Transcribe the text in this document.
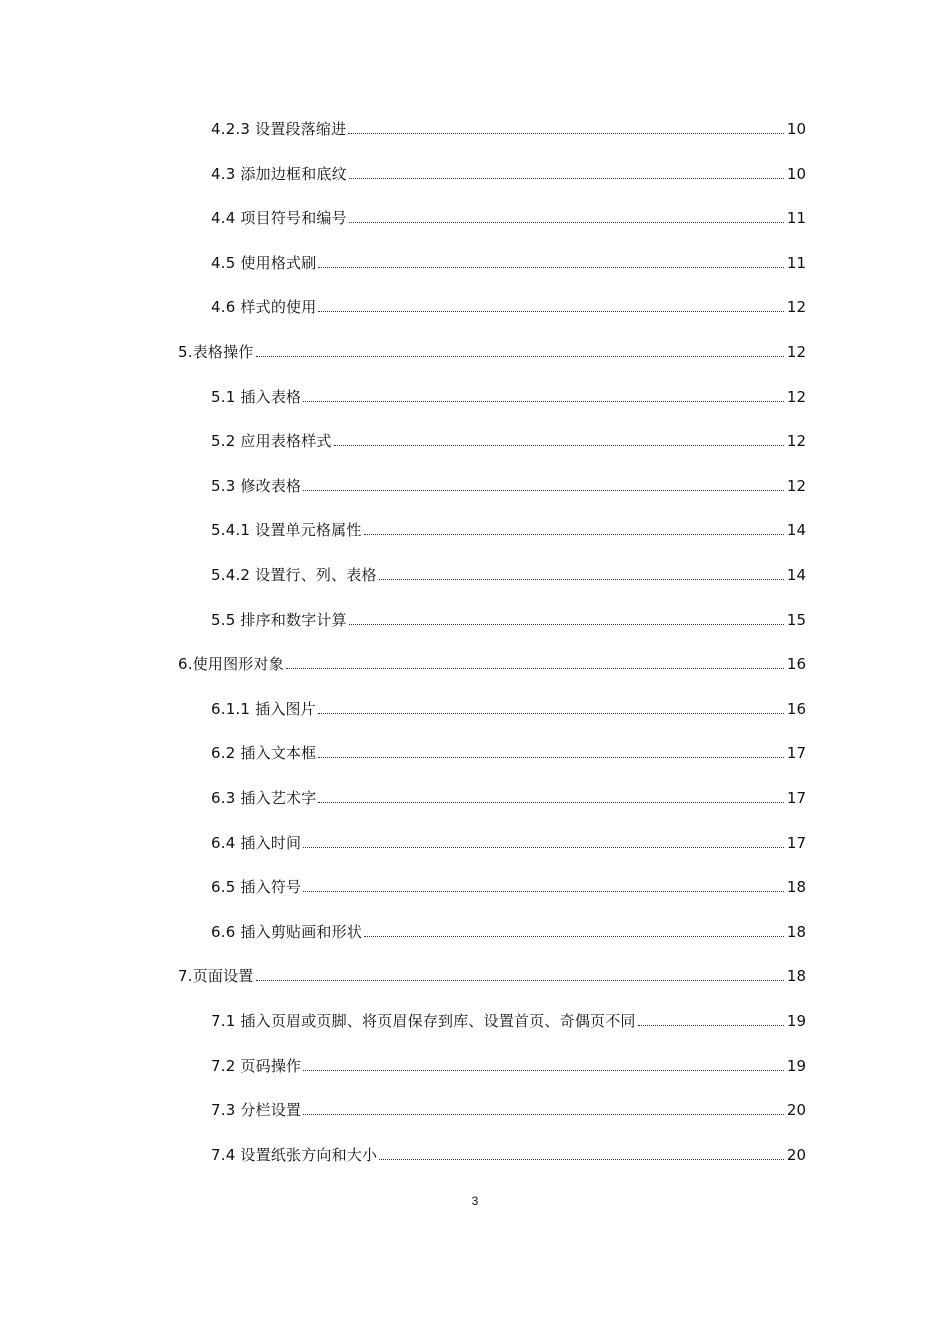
4.2.3 设置段落缩进	10
4.3 添加边框和底纹	10
4.4 项目符号和编号	11
4.5 使用格式刷	11
4.6 样式的使用	12
5.表格操作	12
5.1 插入表格	12
5.2 应用表格样式	12
5.3 修改表格	12
5.4.1 设置单元格属性	14
5.4.2 设置行、列、表格	14
5.5 排序和数字计算	15
6.使用图形对象	16
6.1.1 插入图片	16
6.2 插入文本框	17
6.3 插入艺术字	17
6.4 插入时间	17
6.5 插入符号	18
6.6 插入剪贴画和形状	18
7.页面设置	18
7.1 插入页眉或页脚、将页眉保存到库、设置首页、奇偶页不同	19
7.2 页码操作	19
7.3 分栏设置	20
7.4 设置纸张方向和大小	20
3
